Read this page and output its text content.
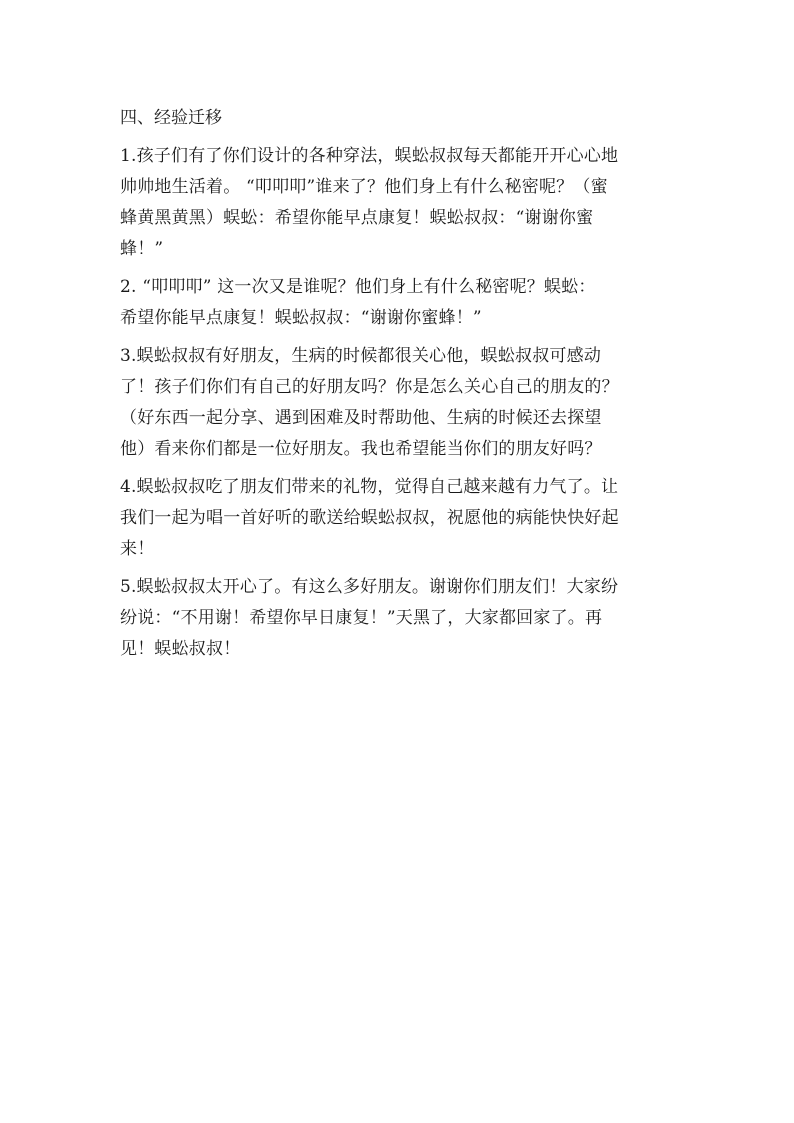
四、经验迁移

1.孩子们有了你们设计的各种穿法，蜈蚣叔叔每天都能开开心心地
帅帅地生活着。 “叩叩叩”谁来了？他们身上有什么秘密呢？（蜜
蜂黄黑黄黑）蜈蚣：希望你能早点康复！蜈蚣叔叔：“谢谢你蜜
蜂！”

2. “叩叩叩” 这一次又是谁呢？他们身上有什么秘密呢？蜈蚣：
希望你能早点康复！蜈蚣叔叔：“谢谢你蜜蜂！”

3.蜈蚣叔叔有好朋友，生病的时候都很关心他，蜈蚣叔叔可感动
了！孩子们你们有自己的好朋友吗？你是怎么关心自己的朋友的？
（好东西一起分享、遇到困难及时帮助他、生病的时候还去探望
他）看来你们都是一位好朋友。我也希望能当你们的朋友好吗？

4.蜈蚣叔叔吃了朋友们带来的礼物，觉得自己越来越有力气了。让
我们一起为唱一首好听的歌送给蜈蚣叔叔，祝愿他的病能快快好起
来！

5.蜈蚣叔叔太开心了。有这么多好朋友。谢谢你们朋友们！大家纷
纷说：“不用谢！希望你早日康复！”天黑了，大家都回家了。再
见！蜈蚣叔叔！
